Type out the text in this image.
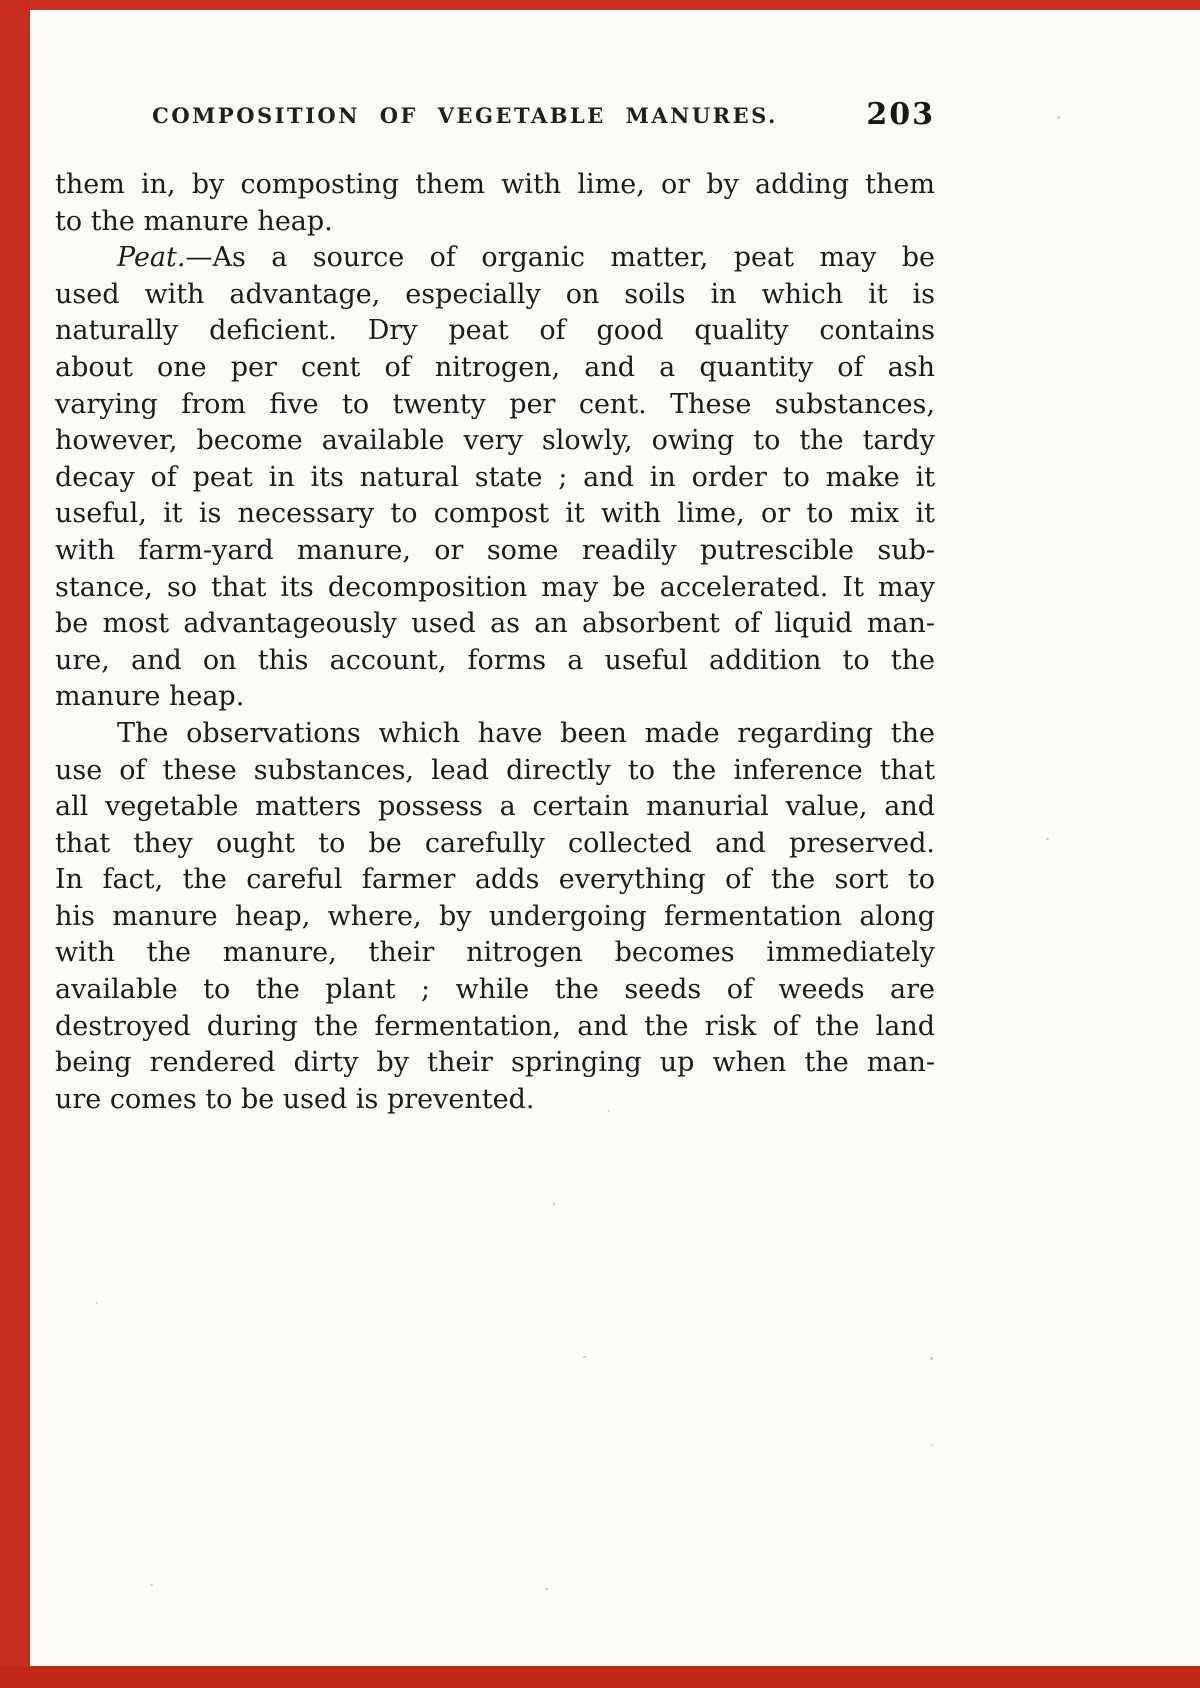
COMPOSITION OF VEGETABLE MANURES.	203
them in, by composting them with lime, or by adding them
to the manure heap.
Peat.—As a source of organic matter, peat may be
used with advantage, especially on soils in which it is
naturally deficient. Dry peat of good quality contains
about one per cent of nitrogen, and a quantity of ash
varying from five to twenty per cent. These substances,
however, become available very slowly, owing to the tardy
decay of peat in its natural state ; and in order to make it
useful, it is necessary to compost it with lime, or to mix it
with farm-yard manure, or some readily putrescible sub-
stance, so that its decomposition may be accelerated. It may
be most advantageously used as an absorbent of liquid man-
ure, and on this account, forms a useful addition to the
manure heap.
The observations which have been made regarding the
use of these substances, lead directly to the inference that
all vegetable matters possess a certain manurial value, and
that they ought to be carefully collected and preserved.
In fact, the careful farmer adds everything of the sort to
his manure heap, where, by undergoing fermentation along
with the manure, their nitrogen becomes immediately
available to the plant ; while the seeds of weeds are
destroyed during the fermentation, and the risk of the land
being rendered dirty by their springing up when the man-
ure comes to be used is prevented.
